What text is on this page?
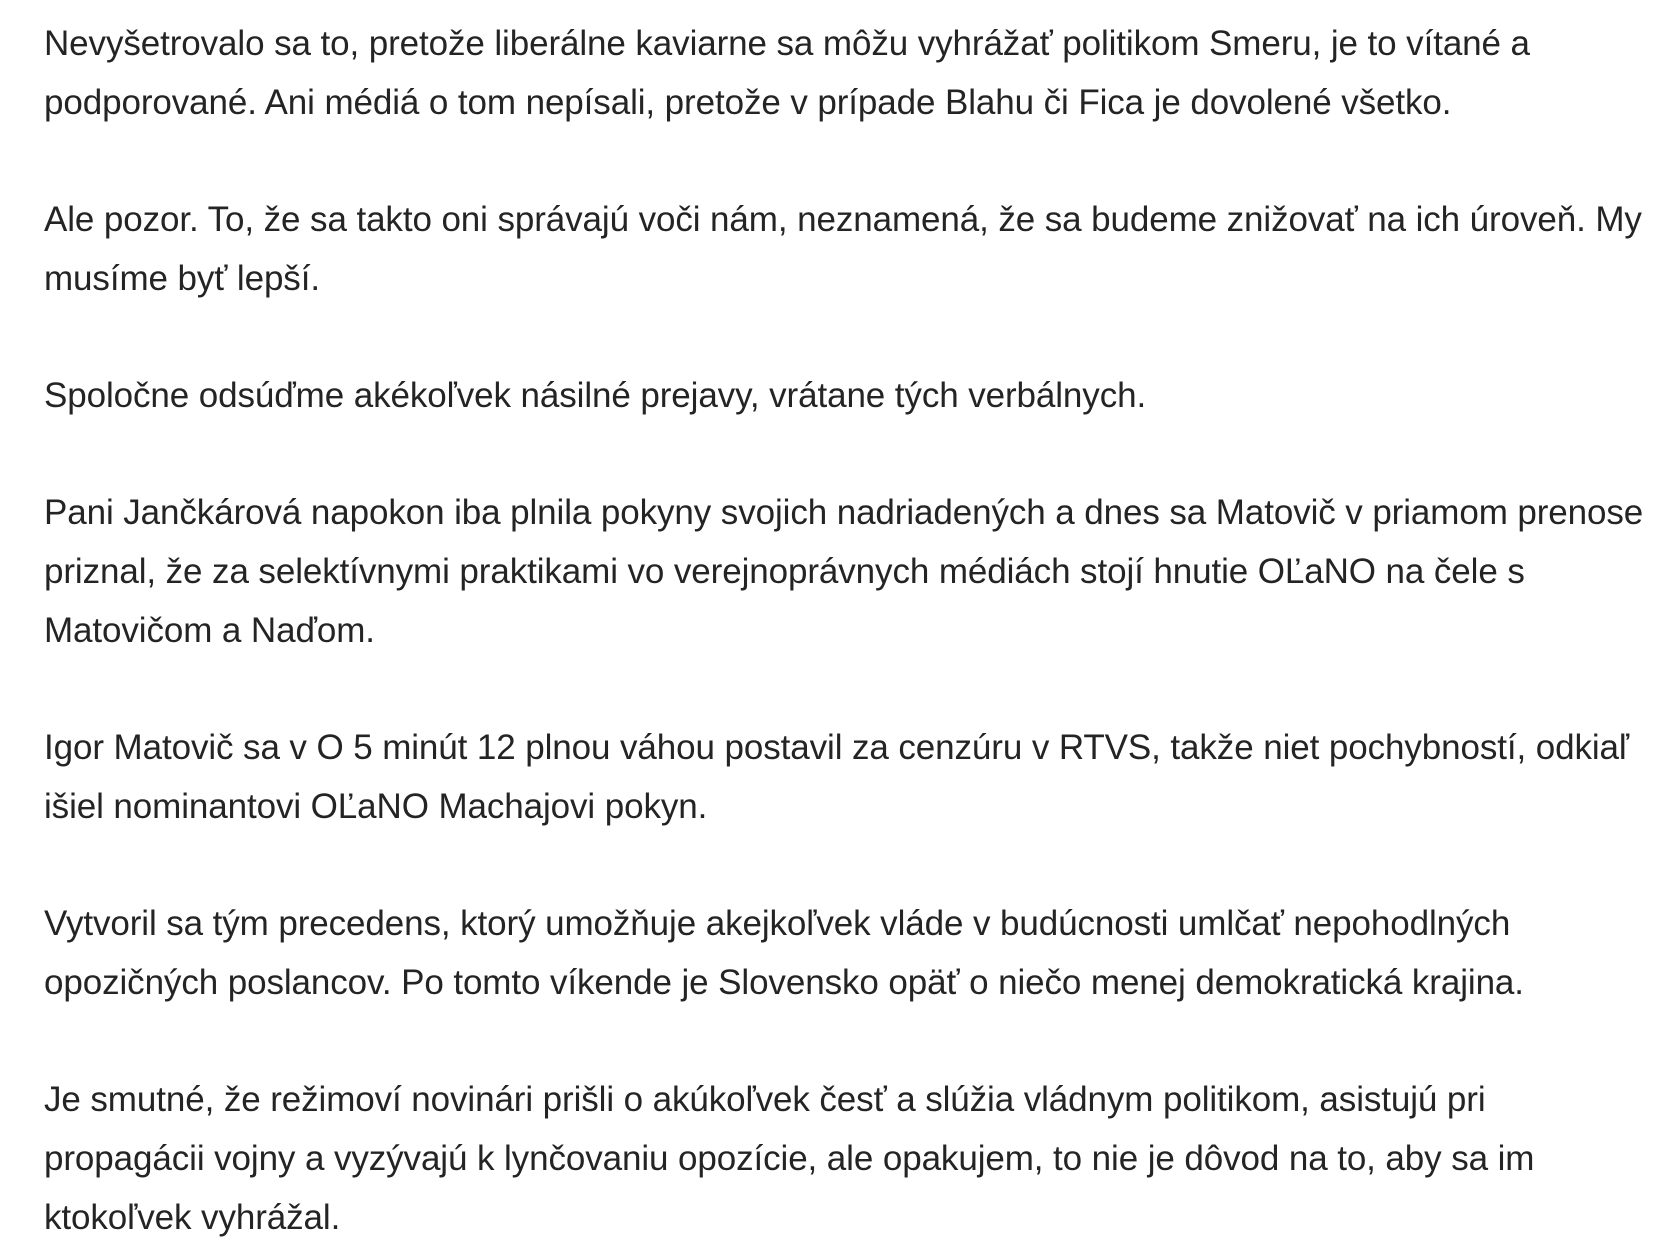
Nevyšetrovalo sa to, pretože liberálne kaviarne sa môžu vyhrážať politikom Smeru, je to vítané a podporované. Ani médiá o tom nepísali, pretože v prípade Blahu či Fica je dovolené všetko.

Ale pozor. To, že sa takto oni správajú voči nám, neznamená, že sa budeme znižovať na ich úroveň. My musíme byť lepší.

Spoločne odsúďme akékoľvek násilné prejavy, vrátane tých verbálnych.

Pani Jančkárová napokon iba plnila pokyny svojich nadriadených a dnes sa Matovič v priamom prenose priznal, že za selektívnymi praktikami vo verejnoprávnych médiách stojí hnutie OĽaNO na čele s Matovičom a Naďom.

Igor Matovič sa v O 5 minút 12 plnou váhou postavil za cenzúru v RTVS, takže niet pochybností, odkiaľ išiel nominantovi OĽaNO Machajovi pokyn.

Vytvoril sa tým precedens, ktorý umožňuje akejkoľvek vláde v budúcnosti umlčať nepohodlných opozičných poslancov. Po tomto víkende je Slovensko opäť o niečo menej demokratická krajina.

Je smutné, že režimoví novinári prišli o akúkoľvek česť a slúžia vládnym politikom, asistujú pri propagácii vojny a vyzývajú k lynčovaniu opozície, ale opakujem, to nie je dôvod na to, aby sa im ktokoľvek vyhrážal.
